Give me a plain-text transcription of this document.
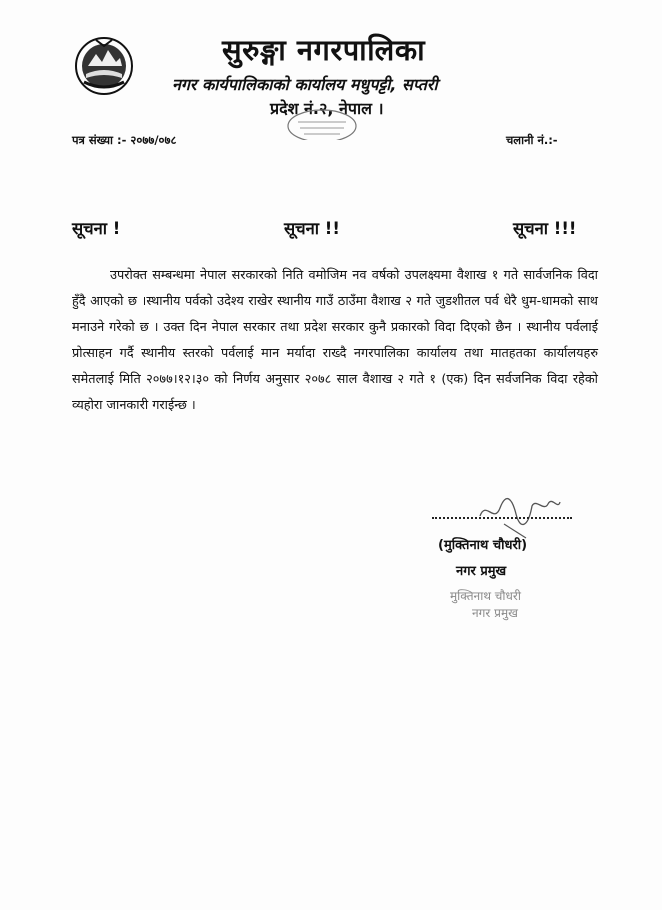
सुरुङ्गा नगरपालिका
नगर कार्यपालिकाको कार्यालय मधुपट्टी, सप्तरी
प्रदेश नं.२, नेपाल ।
पत्र संख्या :- २०७७/०७८	चलानी नं.:-
सूचना !	सूचना !!	सूचना !!!
उपरोक्त सम्बन्धमा नेपाल सरकारको निति वमोजिम नव वर्षको उपलक्ष्यमा वैशाख १ गते सार्वजनिक विदा हुँदै आएको छ ।स्थानीय पर्वको उदेश्य राखेर स्थानीय गाउँ ठाउँमा वैशाख २ गते जुडशीतल पर्व धेरै धुम-धामको साथ मनाउने गरेको छ । उक्त दिन नेपाल सरकार तथा प्रदेश सरकार कुनै प्रकारको विदा दिएको छैन । स्थानीय पर्वलाई प्रोत्साहन गर्दै स्थानीय स्तरको पर्वलाई मान मर्यादा राख्दै नगरपालिका कार्यालय तथा मातहतका कार्यालयहरु समेतलाई मिति २०७७।१२।३० को निर्णय अनुसार २०७८ साल वैशाख २ गते १ (एक) दिन सर्वजनिक विदा रहेको व्यहोरा जानकारी गराईन्छ ।
(मुक्तिनाथ चौधरी)
नगर प्रमुख
मुक्तिनाथ चौधरी
नगर प्रमुख
